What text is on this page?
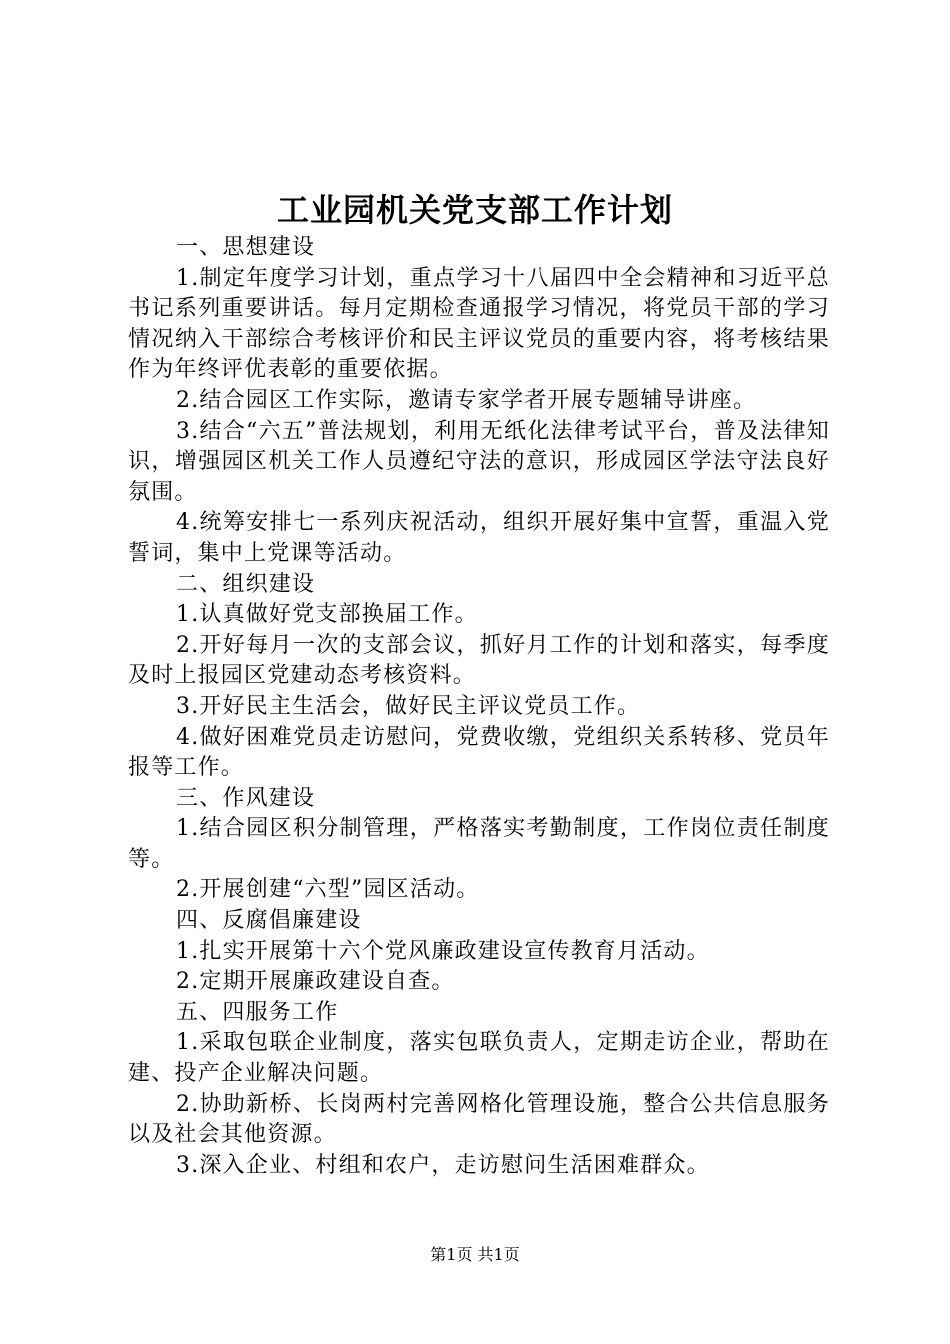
工业园机关党支部工作计划

一、思想建设

1.制定年度学习计划，重点学习十八届四中全会精神和习近平总书记系列重要讲话。每月定期检查通报学习情况，将党员干部的学习情况纳入干部综合考核评价和民主评议党员的重要内容，将考核结果作为年终评优表彰的重要依据。

2.结合园区工作实际，邀请专家学者开展专题辅导讲座。

3.结合“六五”普法规划，利用无纸化法律考试平台，普及法律知识，增强园区机关工作人员遵纪守法的意识，形成园区学法守法良好氛围。

4.统筹安排七一系列庆祝活动，组织开展好集中宣誓，重温入党誓词，集中上党课等活动。

二、组织建设

1.认真做好党支部换届工作。

2.开好每月一次的支部会议，抓好月工作的计划和落实，每季度及时上报园区党建动态考核资料。

3.开好民主生活会，做好民主评议党员工作。

4.做好困难党员走访慰问，党费收缴，党组织关系转移、党员年报等工作。

三、作风建设

1.结合园区积分制管理，严格落实考勤制度，工作岗位责任制度等。

2.开展创建“六型”园区活动。

四、反腐倡廉建设

1.扎实开展第十六个党风廉政建设宣传教育月活动。

2.定期开展廉政建设自查。

五、四服务工作

1.采取包联企业制度，落实包联负责人，定期走访企业，帮助在建、投产企业解决问题。

2.协助新桥、长岗两村完善网格化管理设施，整合公共信息服务以及社会其他资源。

3.深入企业、村组和农户，走访慰问生活困难群众。

第1页 共1页
